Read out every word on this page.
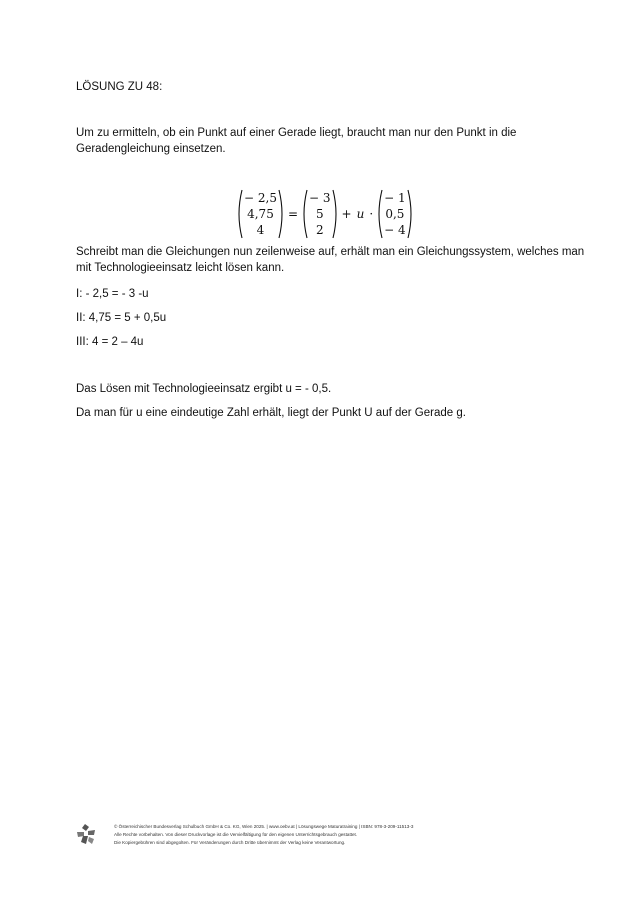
LÖSUNG ZU 48:
Um zu ermitteln, ob ein Punkt auf einer Gerade liegt, braucht man nur den Punkt in die
Geradengleichung einsetzen.
− 2,5
4,75
4
=
− 3
5
2
+ u ·
− 1
0,5
− 4
Schreibt man die Gleichungen nun zeilenweise auf, erhält man ein Gleichungssystem, welches man
mit Technologieeinsatz leicht lösen kann.
I: - 2,5 = - 3 -u
II: 4,75 = 5 + 0,5u
III: 4 = 2 – 4u
Das Lösen mit Technologieeinsatz ergibt u = - 0,5.
Da man für u eine eindeutige Zahl erhält, liegt der Punkt U auf der Gerade g.
© Österreichischer Bundesverlag Schulbuch GmbH & Co. KG, Wien 2025. | www.oebv.at | Lösungswege Maturatraining | ISBN: 978-3-209-11513-3
Alle Rechte vorbehalten. Von dieser Druckvorlage ist die Vervielfältigung für den eigenen Unterrichtsgebrauch gestattet.
Die Kopiergebühren sind abgegolten. Für Veränderungen durch Dritte übernimmt der Verlag keine Verantwortung.
